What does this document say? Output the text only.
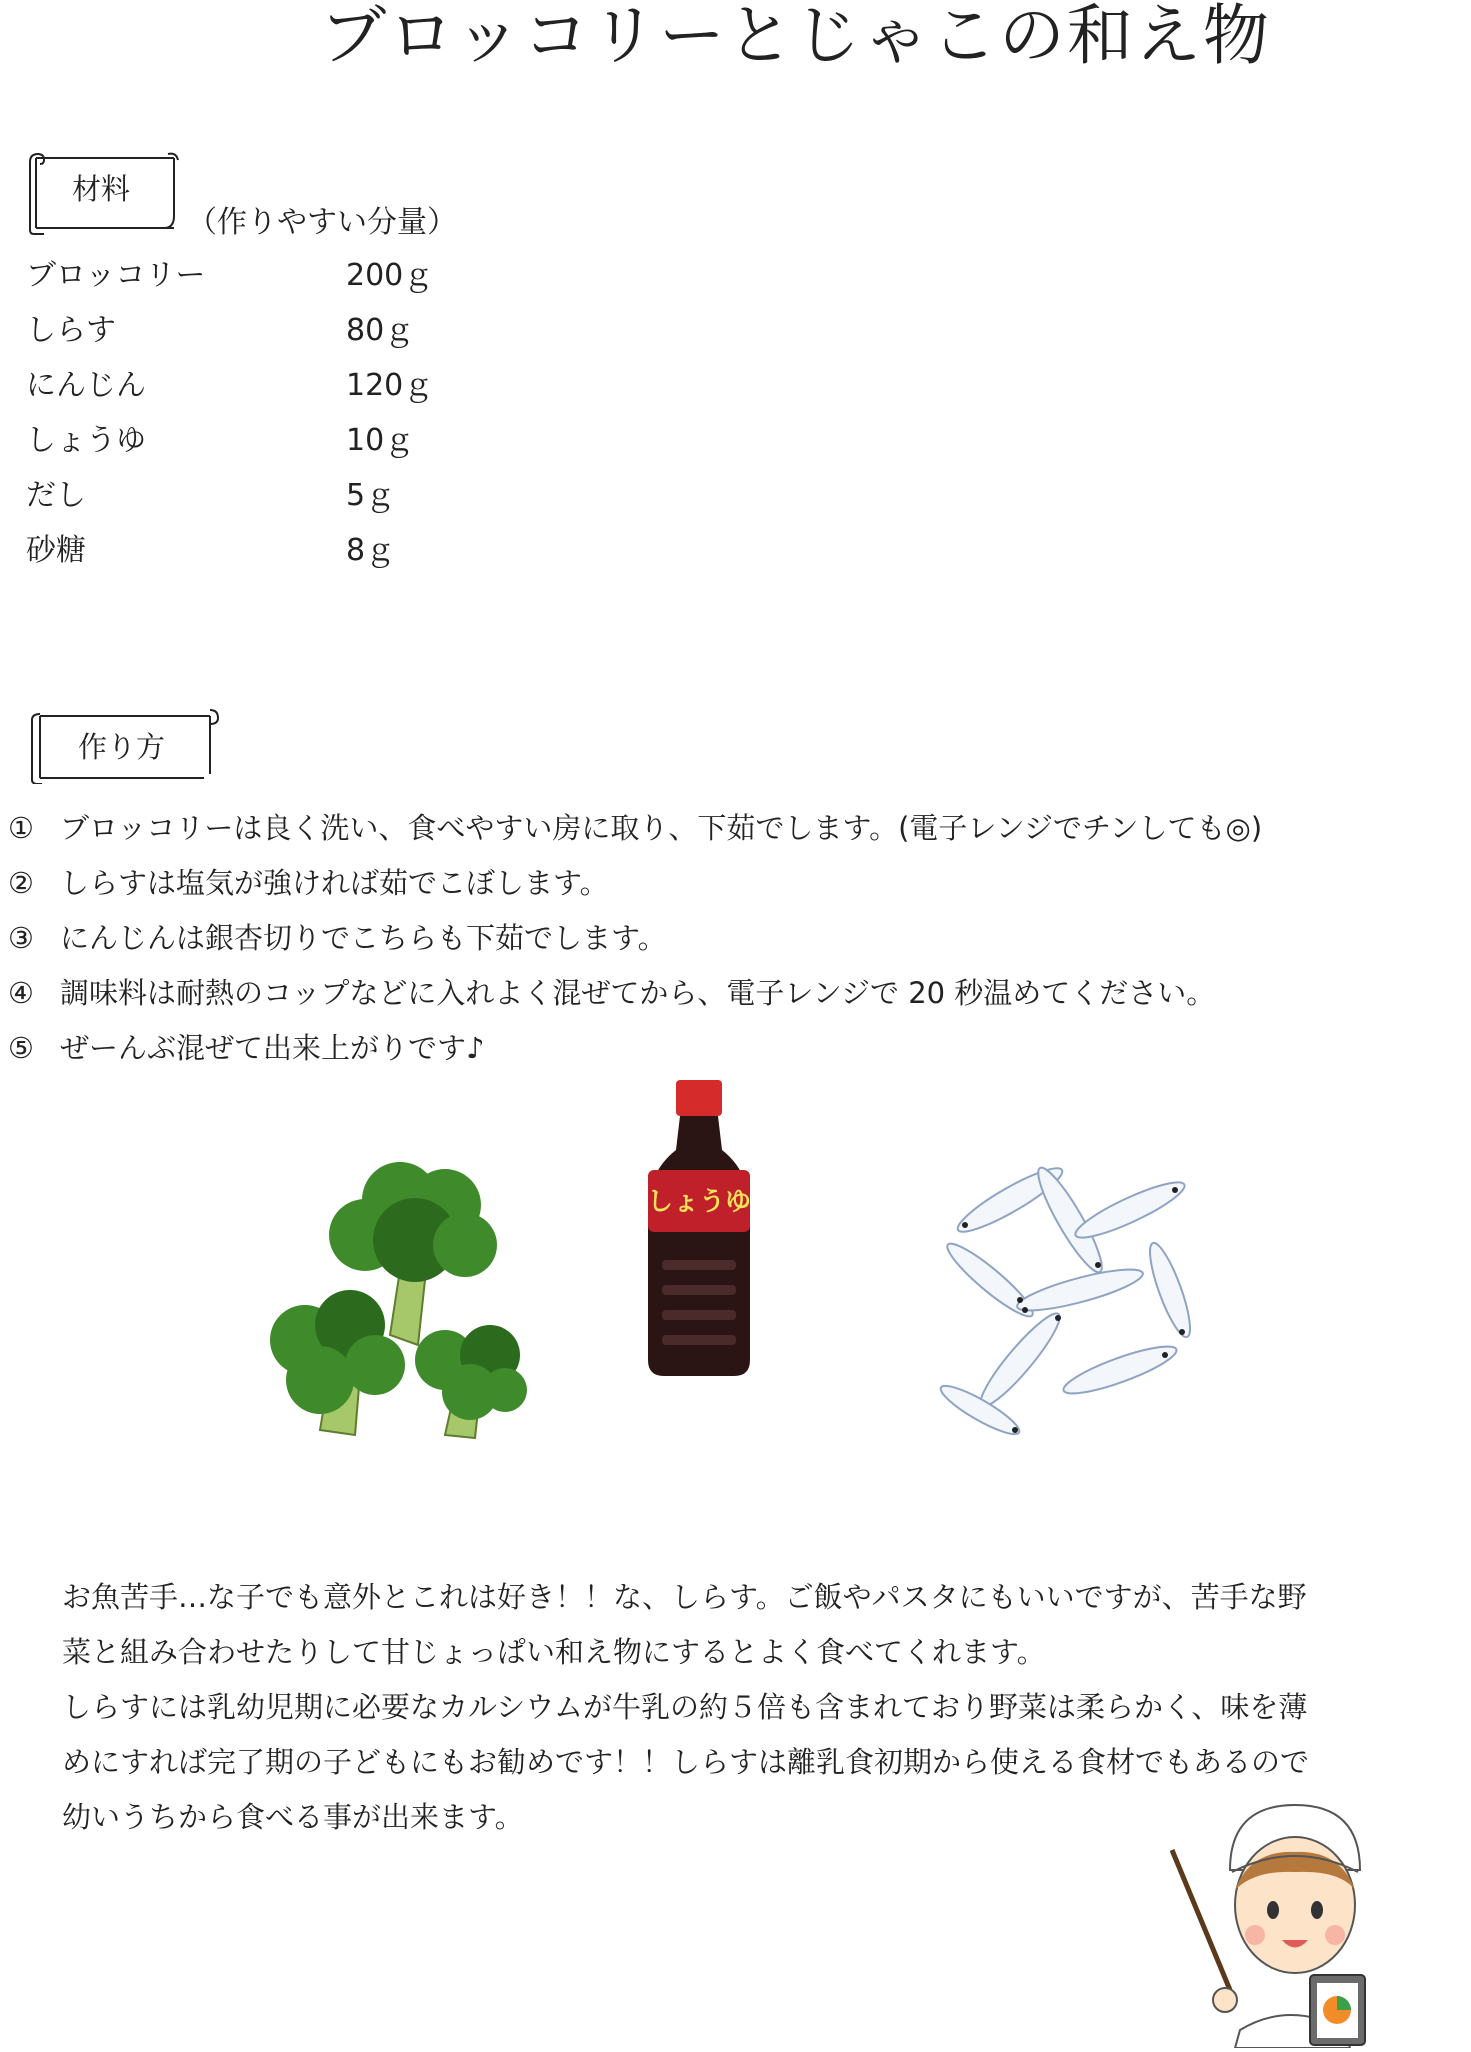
ブロッコリーとじゃこの和え物
材料
（作りやすい分量）
ブロッコリー	200ｇ
しらす	80ｇ
にんじん	120ｇ
しょうゆ	10ｇ
だし	5ｇ
砂糖	8ｇ
作り方
① ブロッコリーは良く洗い、食べやすい房に取り、下茹でします。(電子レンジでチンしても◎)
② しらすは塩気が強ければ茹でこぼします。
③ にんじんは銀杏切りでこちらも下茹でします。
④ 調味料は耐熱のコップなどに入れよく混ぜてから、電子レンジで 20 秒温めてください。
⑤ ぜーんぶ混ぜて出来上がりです♪
しょうゆ

お魚苦手…な子でも意外とこれは好き！！な、しらす。ご飯やパスタにもいいですが、苦手な野

菜と組み合わせたりして甘じょっぱい和え物にするとよく食べてくれます。

しらすには乳幼児期に必要なカルシウムが牛乳の約５倍も含まれており野菜は柔らかく、味を薄

めにすれば完了期の子どもにもお勧めです！！しらすは離乳食初期から使える食材でもあるので

幼いうちから食べる事が出来ます。
